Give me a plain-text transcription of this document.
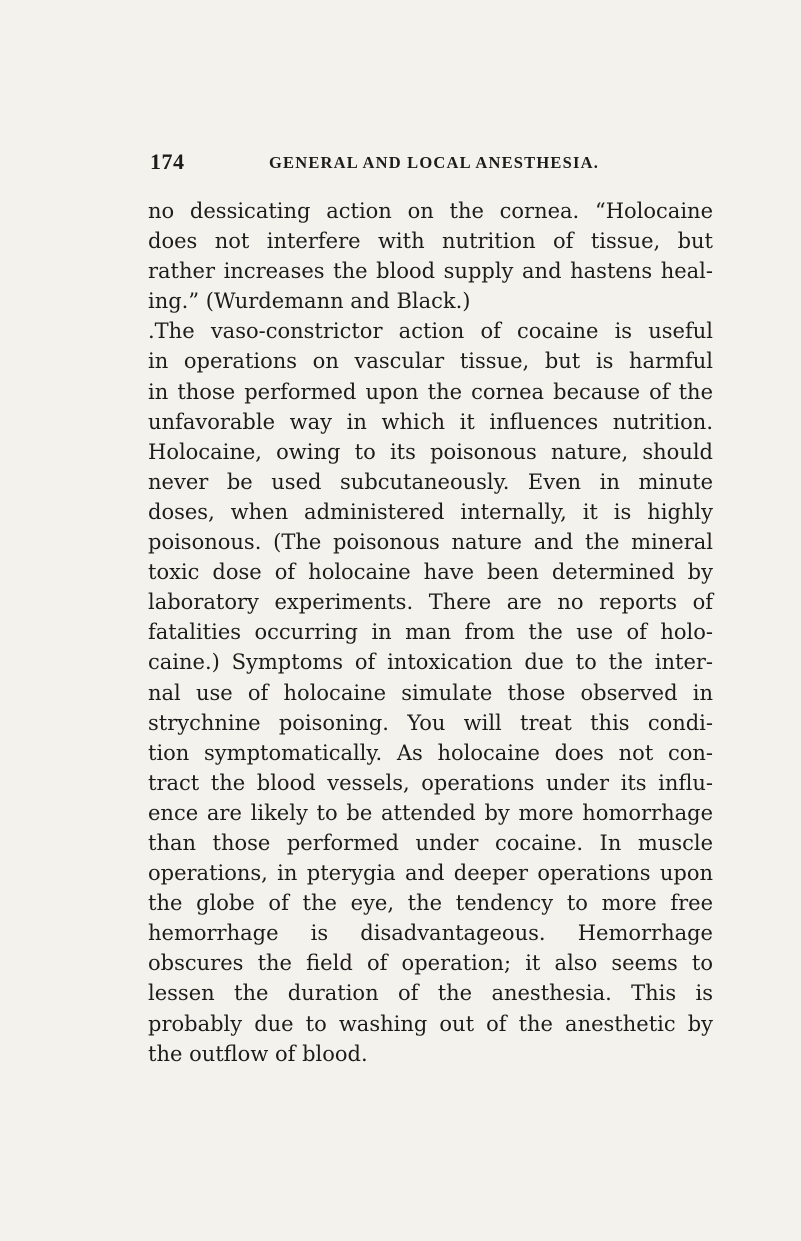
174	GENERAL AND LOCAL ANESTHESIA.
no dessicating action on the cornea. “Holocaine
does not interfere with nutrition of tissue, but
rather increases the blood supply and hastens heal-
ing.” (Wurdemann and Black.)
.The vaso-constrictor action of cocaine is useful
in operations on vascular tissue, but is harmful
in those performed upon the cornea because of the
unfavorable way in which it influences nutrition.
Holocaine, owing to its poisonous nature, should
never be used subcutaneously. Even in minute
doses, when administered internally, it is highly
poisonous. (The poisonous nature and the mineral
toxic dose of holocaine have been determined by
laboratory experiments. There are no reports of
fatalities occurring in man from the use of holo-
caine.) Symptoms of intoxication due to the inter-
nal use of holocaine simulate those observed in
strychnine poisoning. You will treat this condi-
tion symptomatically. As holocaine does not con-
tract the blood vessels, operations under its influ-
ence are likely to be attended by more homorrhage
than those performed under cocaine. In muscle
operations, in pterygia and deeper operations upon
the globe of the eye, the tendency to more free
hemorrhage is disadvantageous. Hemorrhage
obscures the field of operation; it also seems to
lessen the duration of the anesthesia. This is
probably due to washing out of the anesthetic by
the outflow of blood.
